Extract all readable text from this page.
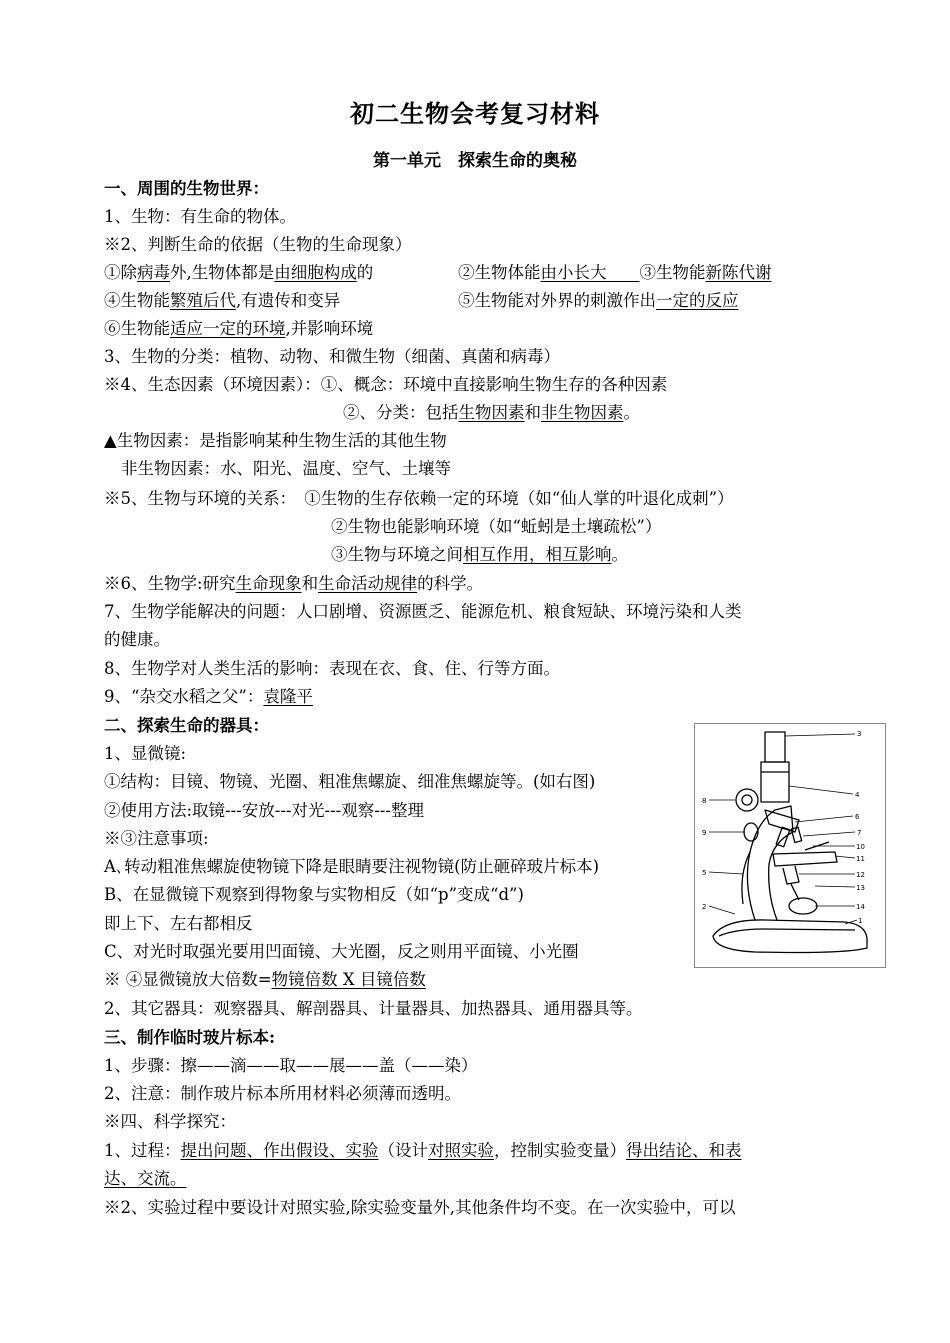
初二生物会考复习材料
第一单元　探索生命的奥秘
一、周围的生物世界：
1、生物：有生命的物体。
※2、判断生命的依据（生物的生命现象）
①除病毒外,生物体都是由细胞构成的	②生物体能由小长大　　③生物能新陈代谢
④生物能繁殖后代,有遗传和变异	⑤生物能对外界的刺激作出一定的反应
⑥生物能适应一定的环境,并影响环境
3、生物的分类：植物、动物、和微生物（细菌、真菌和病毒）
※4、生态因素（环境因素）：①、概念：环境中直接影响生物生存的各种因素
②、分类：包括生物因素和非生物因素。
▲生物因素：是指影响某种生物生活的其他生物
非生物因素：水、阳光、温度、空气、土壤等
※5、生物与环境的关系：　①生物的生存依赖一定的环境（如“仙人掌的叶退化成刺”）
②生物也能影响环境（如“蚯蚓是土壤疏松”）
③生物与环境之间相互作用，相互影响。
※6、生物学:研究生命现象和生命活动规律的科学。
7、生物学能解决的问题：人口剧增、资源匮乏、能源危机、粮食短缺、环境污染和人类
的健康。
8、生物学对人类生活的影响：表现在衣、食、住、行等方面。
9、“杂交水稻之父”：袁隆平
二、探索生命的器具：
1、显微镜:
①结构：目镜、物镜、光圈、粗准焦螺旋、细准焦螺旋等。(如右图)
②使用方法:取镜---安放---对光---观察---整理
※③注意事项:
A､转动粗准焦螺旋使物镜下降是眼睛要注视物镜(防止砸碎玻片标本)
B、在显微镜下观察到得物象与实物相反（如“p”变成“d”)
即上下、左右都相反
C、对光时取强光要用凹面镜、大光圈，反之则用平面镜、小光圈
※ ④显微镜放大倍数=物镜倍数 X 目镜倍数
2、其它器具：观察器具、解剖器具、计量器具、加热器具、通用器具等。
3
4
6
7
8
9
10
11
12
13
14
5
2
1
三、制作临时玻片标本:
1、步骤：擦——滴——取——展——盖（——染）
2、注意：制作玻片标本所用材料必须薄而透明。
※四、科学探究：
1、过程：提出问题、作出假设、实验（设计对照实验，控制实验变量）得出结论、和表
达、交流。
※2、实验过程中要设计对照实验,除实验变量外,其他条件均不变。在一次实验中，可以
